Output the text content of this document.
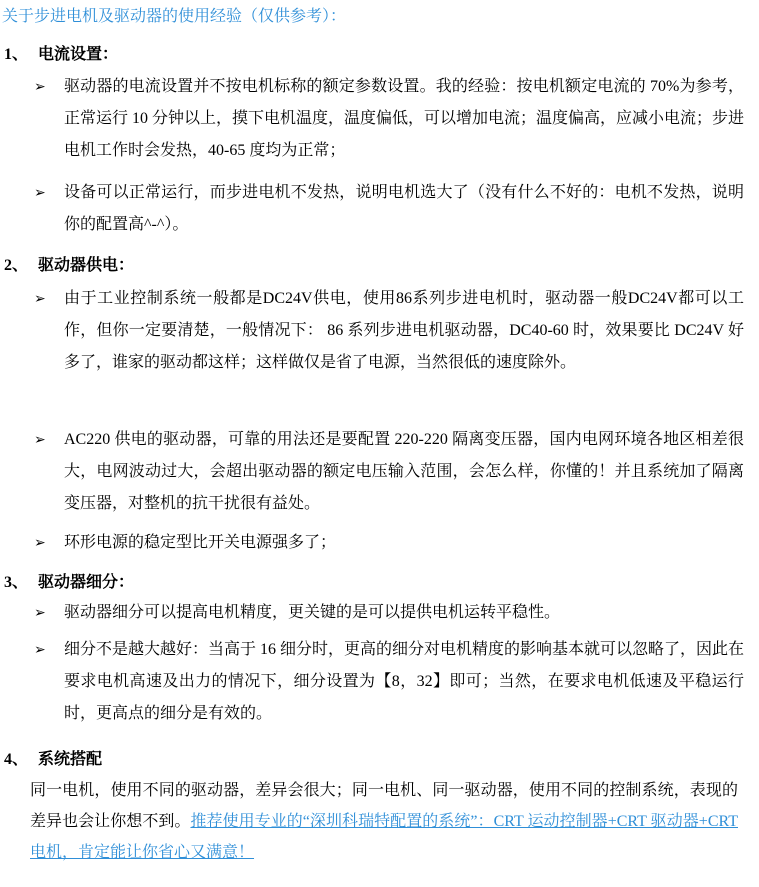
关于步进电机及驱动器的使用经验（仅供参考）：
1、 电流设置：
➢	驱动器的电流设置并不按电机标称的额定参数设置。我的经验：按电机额定电流的 70%为参考，正常运行 10 分钟以上，摸下电机温度，温度偏低，可以增加电流；温度偏高，应减小电流；步进电机工作时会发热，40-65 度均为正常；
➢	设备可以正常运行，而步进电机不发热，说明电机选大了（没有什么不好的：电机不发热，说明你的配置高^-^）。
2、 驱动器供电：
➢	由于工业控制系统一般都是DC24V供电，使用86系列步进电机时，驱动器一般DC24V都可以工作，但你一定要清楚，一般情况下： 86 系列步进电机驱动器，DC40-60 时，效果要比 DC24V 好多了，谁家的驱动都这样；这样做仅是省了电源，当然很低的速度除外。
➢	AC220 供电的驱动器，可靠的用法还是要配置 220-220 隔离变压器，国内电网环境各地区相差很大，电网波动过大，会超出驱动器的额定电压输入范围，会怎么样，你懂的！并且系统加了隔离变压器，对整机的抗干扰很有益处。
➢	环形电源的稳定型比开关电源强多了；
3、 驱动器细分：
➢	驱动器细分可以提高电机精度，更关键的是可以提供电机运转平稳性。
➢	细分不是越大越好：当高于 16 细分时，更高的细分对电机精度的影响基本就可以忽略了，因此在要求电机高速及出力的情况下，细分设置为【8，32】即可；当然，在要求电机低速及平稳运行时，更高点的细分是有效的。
4、 系统搭配
同一电机，使用不同的驱动器，差异会很大；同一电机、同一驱动器，使用不同的控制系统，表现的差异也会让你想不到。推荐使用专业的“深圳科瑞特配置的系统”：CRT 运动控制器+CRT 驱动器+CRT 电机，肯定能让你省心又满意！
